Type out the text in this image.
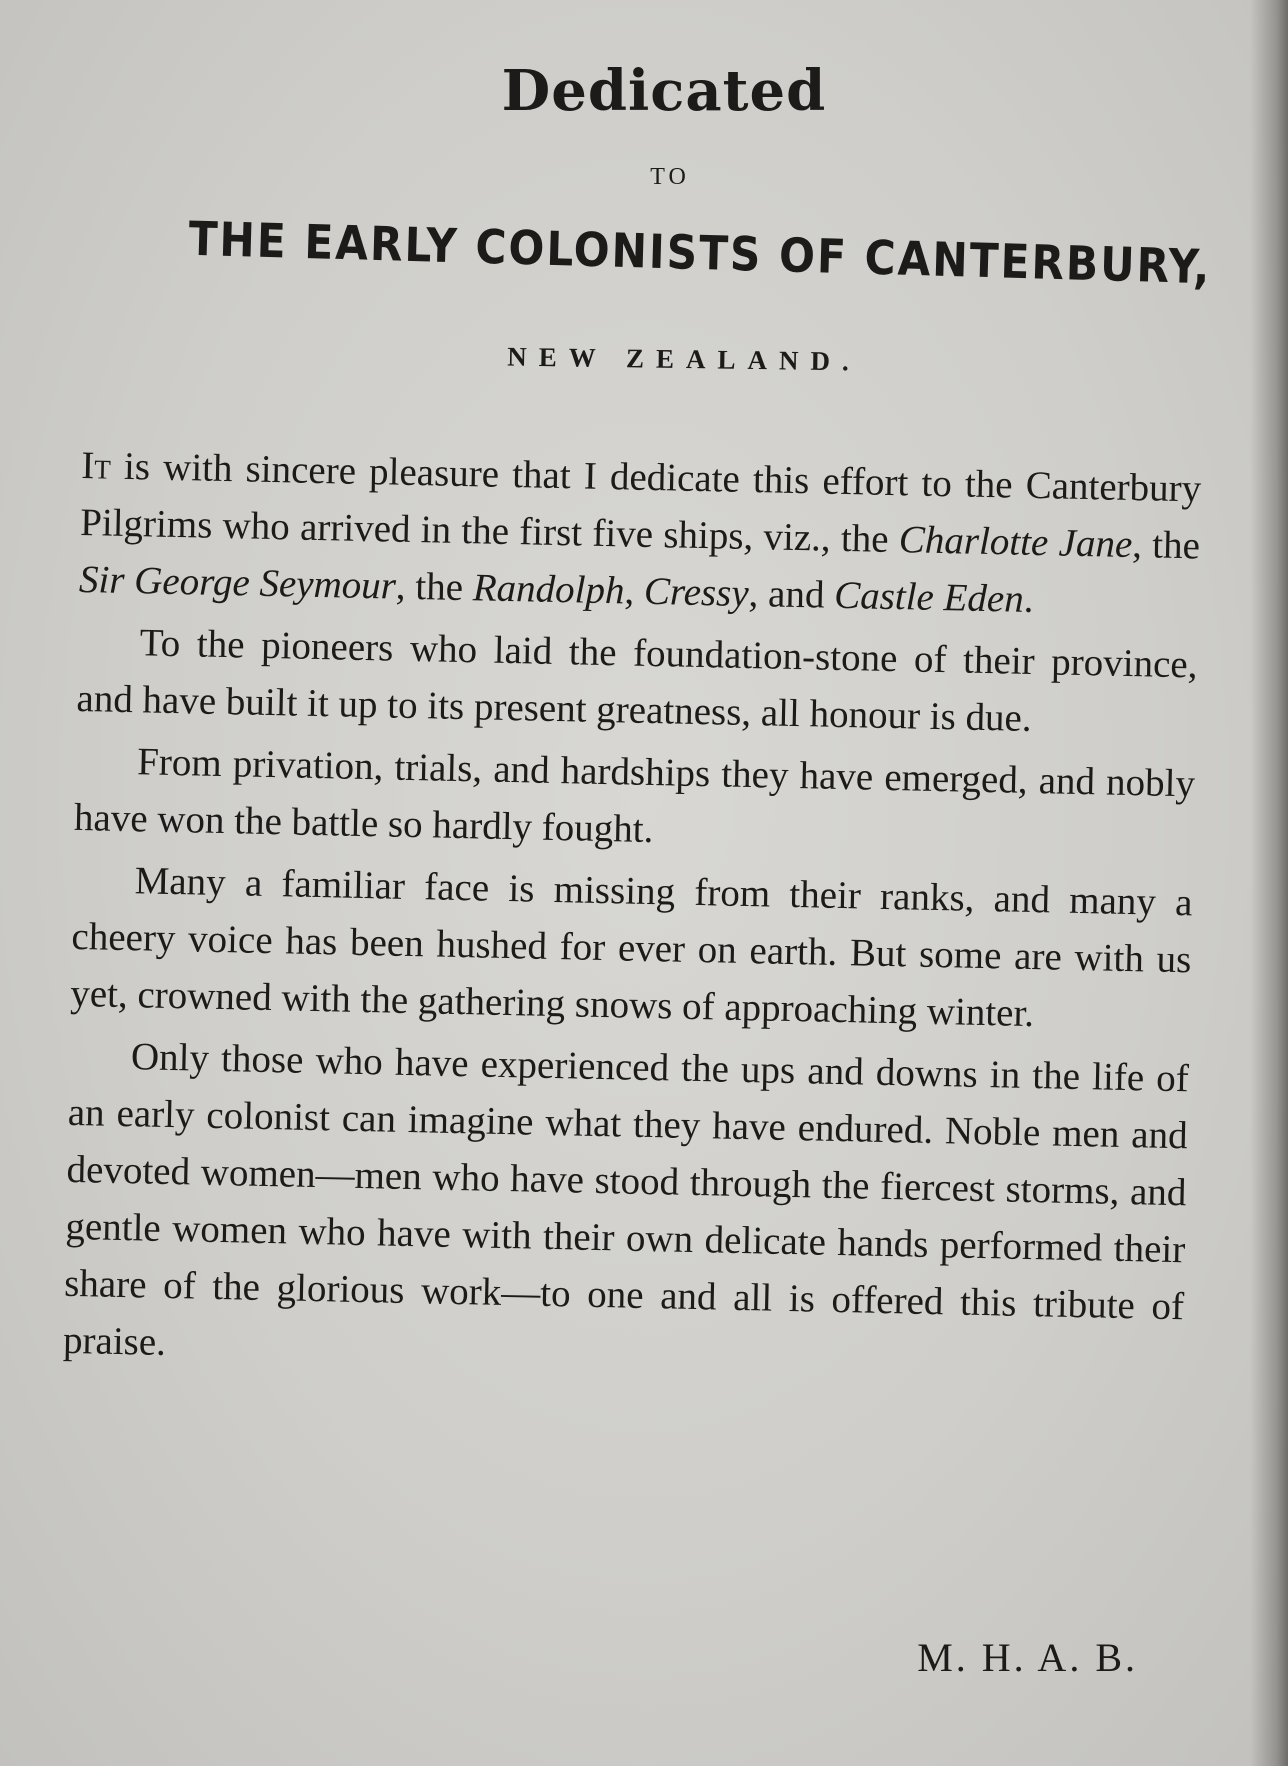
Dedicated

TO

THE EARLY COLONISTS OF CANTERBURY,

NEW ZEALAND.

It is with sincere pleasure that I dedicate this effort to the Canterbury Pilgrims who arrived in the first five ships, viz., the Charlotte Jane, the Sir George Seymour, the Randolph, Cressy, and Castle Eden.

To the pioneers who laid the foundation-stone of their province, and have built it up to its present greatness, all honour is due.

From privation, trials, and hardships they have emerged, and nobly have won the battle so hardly fought.

Many a familiar face is missing from their ranks, and many a cheery voice has been hushed for ever on earth. But some are with us yet, crowned with the gathering snows of approaching winter.

Only those who have experienced the ups and downs in the life of an early colonist can imagine what they have endured. Noble men and devoted women—men who have stood through the fiercest storms, and gentle women who have with their own delicate hands performed their share of the glorious work—to one and all is offered this tribute of praise.

M. H. A. B.
